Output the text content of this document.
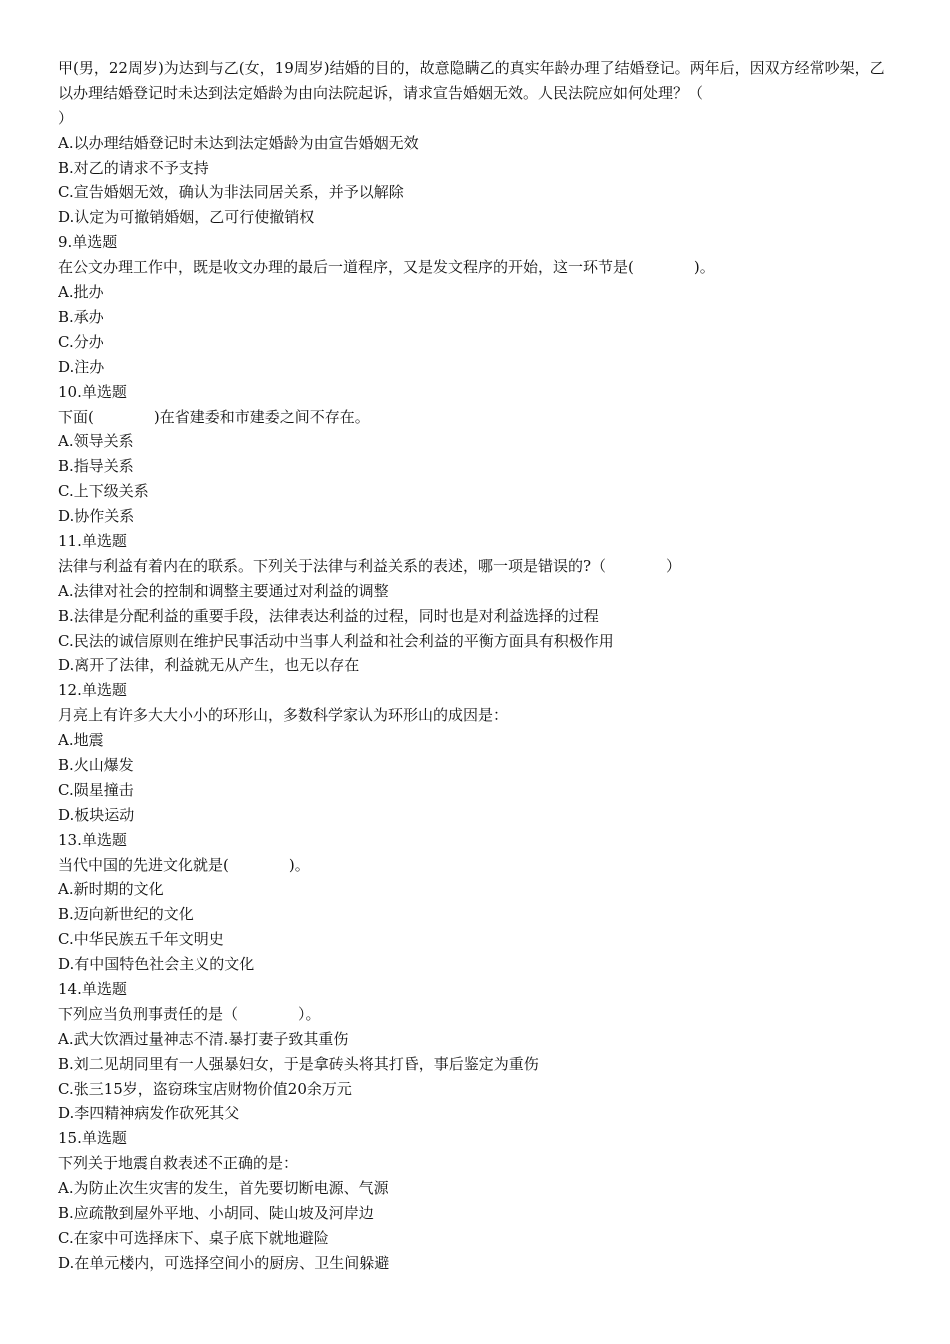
甲(男，22周岁)为达到与乙(女，19周岁)结婚的目的，故意隐瞒乙的真实年龄办理了结婚登记。两年后，因双方经常吵架，乙以办理结婚登记时未达到法定婚龄为由向法院起诉，请求宣告婚姻无效。人民法院应如何处理？（
）
A.以办理结婚登记时未达到法定婚龄为由宣告婚姻无效
B.对乙的请求不予支持
C.宣告婚姻无效，确认为非法同居关系，并予以解除
D.认定为可撤销婚姻，乙可行使撤销权
9.单选题
在公文办理工作中，既是收文办理的最后一道程序，又是发文程序的开始，这一环节是(　　　　)。
A.批办
B.承办
C.分办
D.注办
10.单选题
下面(　　　　)在省建委和市建委之间不存在。
A.领导关系
B.指导关系
C.上下级关系
D.协作关系
11.单选题
法律与利益有着内在的联系。下列关于法律与利益关系的表述，哪一项是错误的?（　　　　）
A.法律对社会的控制和调整主要通过对利益的调整
B.法律是分配利益的重要手段，法律表达利益的过程，同时也是对利益选择的过程
C.民法的诚信原则在维护民事活动中当事人利益和社会利益的平衡方面具有积极作用
D.离开了法律，利益就无从产生，也无以存在
12.单选题
月亮上有许多大大小小的环形山，多数科学家认为环形山的成因是：
A.地震
B.火山爆发
C.陨星撞击
D.板块运动
13.单选题
当代中国的先进文化就是(　　　　)。
A.新时期的文化
B.迈向新世纪的文化
C.中华民族五千年文明史
D.有中国特色社会主义的文化
14.单选题
下列应当负刑事责任的是（　　　　）。
A.武大饮酒过量神志不清.暴打妻子致其重伤
B.刘二见胡同里有一人强暴妇女，于是拿砖头将其打昏，事后鉴定为重伤
C.张三15岁，盗窃珠宝店财物价值20余万元
D.李四精神病发作砍死其父
15.单选题
下列关于地震自救表述不正确的是：
A.为防止次生灾害的发生，首先要切断电源、气源
B.应疏散到屋外平地、小胡同、陡山坡及河岸边
C.在家中可选择床下、桌子底下就地避险
D.在单元楼内，可选择空间小的厨房、卫生间躲避
